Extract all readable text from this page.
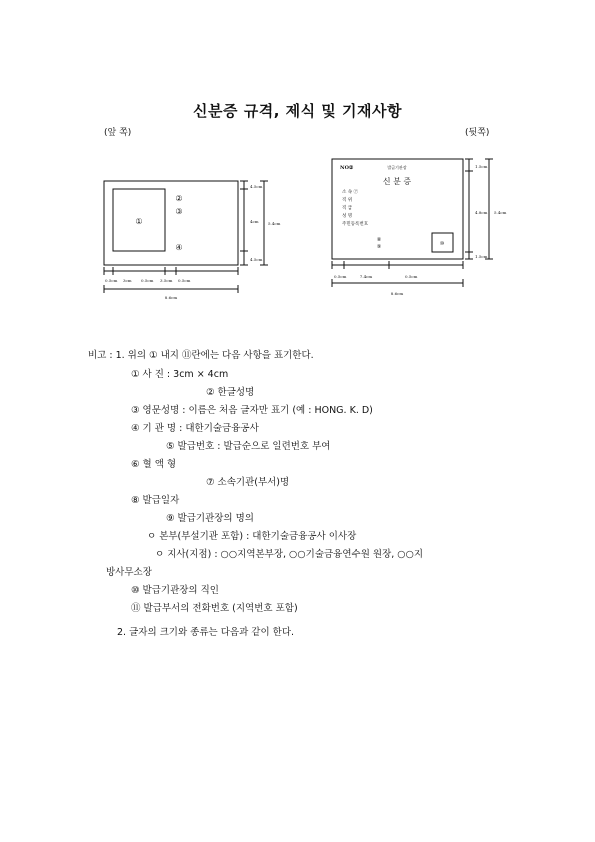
신분증 규격, 제식 및 기재사항
(앞 쪽)	(뒷쪽)
①
②
③
④
4.5cm
4cm
4.5cm
5.4cm
0.5cm 3cm 0.5cm 3.5cm 0.5cm
8.6cm
NO②	발급기관장
신 분 증
소 속 ⑦
직 위
직 급
성 명
주민등록번호
⑧
⑨	⑩
1.5cm
4.8cm
1.5cm
5.4cm
0.5cm	7.4cm	0.5cm
8.6cm
비고 : 1. 위의 ① 내지 ⑪란에는 다음 사항을 표기한다.
① 사 진 : 3cm × 4cm
② 한글성명
③ 영문성명 : 이름은 처음 글자만 표기 (예 : HONG. K. D)
④ 기 관 명 : 대한기술금융공사
⑤ 발급번호 : 발급순으로 일련번호 부여
⑥ 혈 액 형
⑦ 소속기관(부서)명
⑧ 발급일자
⑨ 발급기관장의 명의
ㅇ 본부(부설기관 포함) : 대한기술금융공사 이사장
ㅇ 지사(지점) : ○○지역본부장, ○○기술금융연수원 원장, ○○지
방사무소장
⑩ 발급기관장의 직인
⑪ 발급부서의 전화번호 (지역번호 포함)
2. 글자의 크기와 종류는 다음과 같이 한다.
